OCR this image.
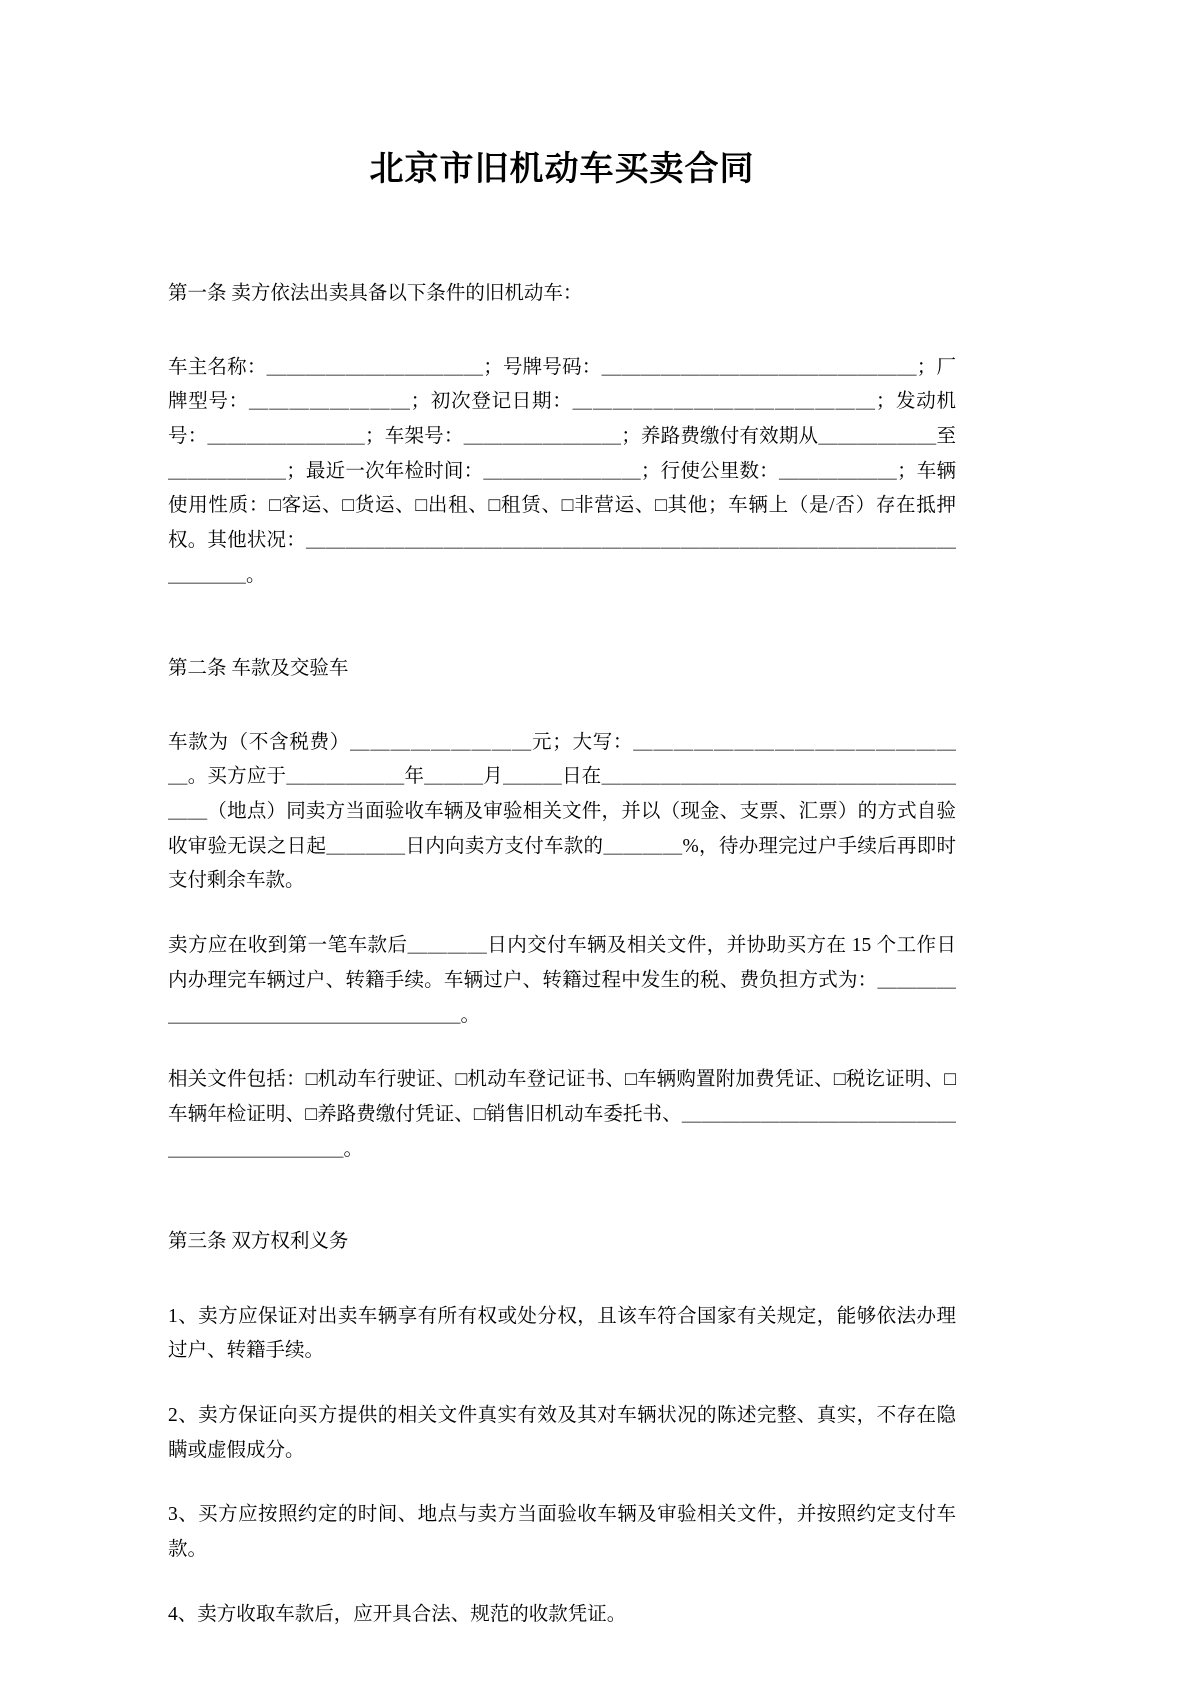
北京市旧机动车买卖合同

第一条 卖方依法出卖具备以下条件的旧机动车：

车主名称：＿＿＿＿＿＿＿＿＿＿＿；号牌号码：＿＿＿＿＿＿＿＿＿＿＿＿＿＿＿＿；厂牌型号：＿＿＿＿＿＿＿＿；初次登记日期：＿＿＿＿＿＿＿＿＿＿＿＿＿＿＿；发动机号：＿＿＿＿＿＿＿＿；车架号：＿＿＿＿＿＿＿＿；养路费缴付有效期从＿＿＿＿＿＿至＿＿＿＿＿＿；最近一次年检时间：＿＿＿＿＿＿＿＿；行使公里数：＿＿＿＿＿＿；车辆使用性质：□客运、□货运、□出租、□租赁、□非营运、□其他；车辆上（是/否）存在抵押权。其他状况：＿＿＿＿＿＿＿＿＿＿＿＿＿＿＿＿＿＿＿＿＿＿＿＿＿＿＿＿＿＿＿＿＿＿＿＿＿。

第二条 车款及交验车

车款为（不含税费）＿＿＿＿＿＿＿＿＿元；大写：＿＿＿＿＿＿＿＿＿＿＿＿＿＿＿＿＿。买方应于＿＿＿＿＿＿年＿＿＿月＿＿＿日在＿＿＿＿＿＿＿＿＿＿＿＿＿＿＿＿＿＿＿＿（地点）同卖方当面验收车辆及审验相关文件，并以（现金、支票、汇票）的方式自验收审验无误之日起＿＿＿＿日内向卖方支付车款的＿＿＿＿%，待办理完过户手续后再即时支付剩余车款。

卖方应在收到第一笔车款后＿＿＿＿日内交付车辆及相关文件，并协助买方在 15 个工作日内办理完车辆过户、转籍手续。车辆过户、转籍过程中发生的税、费负担方式为：＿＿＿＿＿＿＿＿＿＿＿＿＿＿＿＿＿＿＿。

相关文件包括：□机动车行驶证、□机动车登记证书、□车辆购置附加费凭证、□税讫证明、□车辆年检证明、□养路费缴付凭证、□销售旧机动车委托书、＿＿＿＿＿＿＿＿＿＿＿＿＿＿＿＿＿＿＿＿＿＿＿。

第三条 双方权利义务

1、卖方应保证对出卖车辆享有所有权或处分权，且该车符合国家有关规定，能够依法办理过户、转籍手续。

2、卖方保证向买方提供的相关文件真实有效及其对车辆状况的陈述完整、真实，不存在隐瞒或虚假成分。

3、买方应按照约定的时间、地点与卖方当面验收车辆及审验相关文件，并按照约定支付车款。

4、卖方收取车款后，应开具合法、规范的收款凭证。
